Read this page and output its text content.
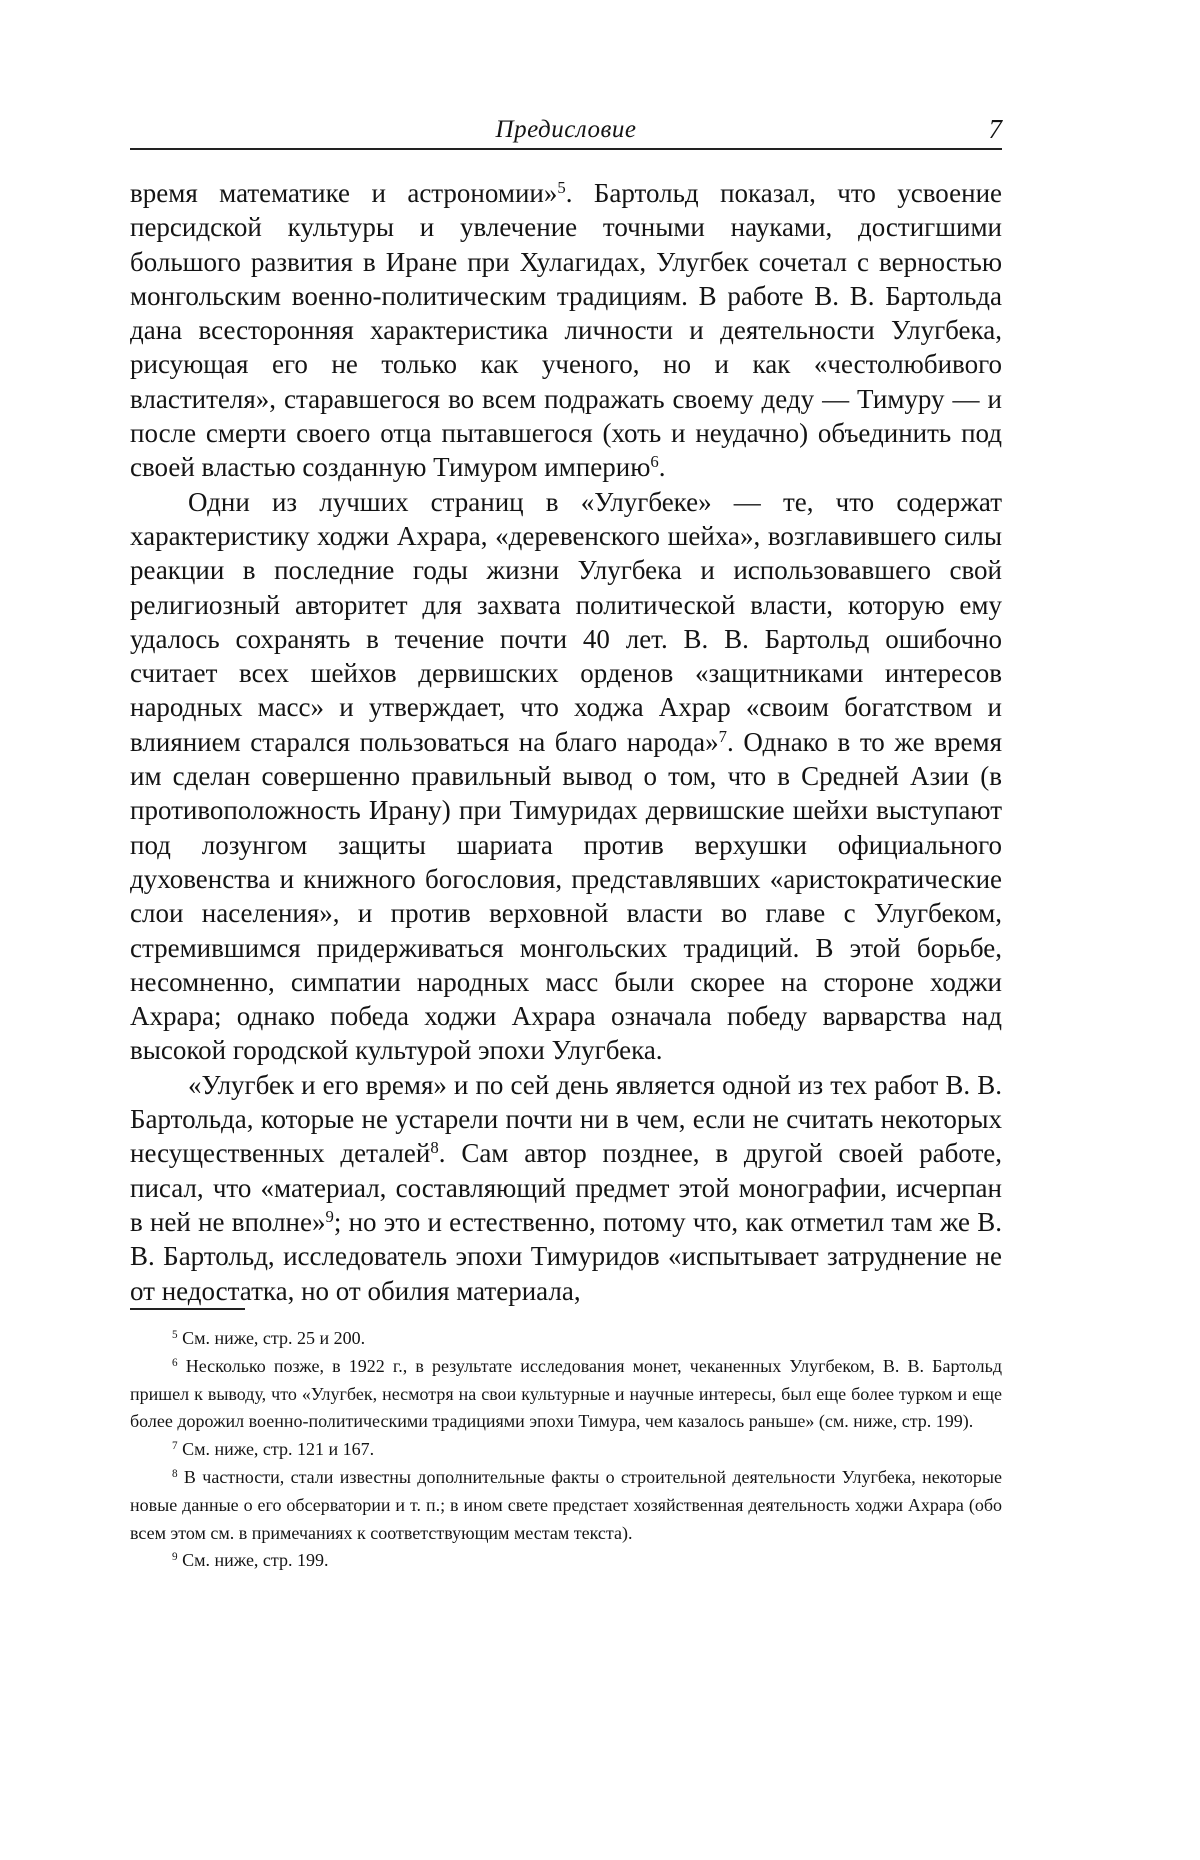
Предисловие	7

время математике и астрономии»$^5$. Бартольд показал, что усвоение персидской культуры и увлечение точными науками, достигшими большого развития в Иране при Хулагидах, Улугбек сочетал с верностью монгольским военно-политическим традициям. В работе В. В. Бартольда дана всесторонняя характеристика личности и деятельности Улугбека, рисующая его не только как ученого, но и как «честолюбивого властителя», старавшегося во всем подражать своему деду — Тимуру — и после смерти своего отца пытавшегося (хоть и неудачно) объединить под своей властью созданную Тимуром империю$^6$.

Одни из лучших страниц в «Улугбеке» — те, что содержат характеристику ходжи Ахрара, «деревенского шейха», возглавившего силы реакции в последние годы жизни Улугбека и использовавшего свой религиозный авторитет для захвата политической власти, которую ему удалось сохранять в течение почти 40 лет. В. В. Бартольд ошибочно считает всех шейхов дервишских орденов «защитниками интересов народных масс» и утверждает, что ходжа Ахрар «своим богатством и влиянием старался пользоваться на благо народа»$^7$. Однако в то же время им сделан совершенно правильный вывод о том, что в Средней Азии (в противоположность Ирану) при Тимуридах дервишские шейхи выступают под лозунгом защиты шариата против верхушки официального духовенства и книжного богословия, представлявших «аристократические слои населения», и против верховной власти во главе с Улугбеком, стремившимся придерживаться монгольских традиций. В этой борьбе, несомненно, симпатии народных масс были скорее на стороне ходжи Ахрара; однако победа ходжи Ахрара означала победу варварства над высокой городской культурой эпохи Улугбека.

«Улугбек и его время» и по сей день является одной из тех работ В. В. Бартольда, которые не устарели почти ни в чем, если не считать некоторых несущественных деталей$^8$. Сам автор позднее, в другой своей работе, писал, что «материал, составляющий предмет этой монографии, исчерпан в ней не вполне»$^9$; но это и естественно, потому что, как отметил там же В. В. Бартольд, исследователь эпохи Тимуридов «испытывает затруднение не от недостатка, но от обилия материала,

$^5$ См. ниже, стр. 25 и 200.

$^6$ Несколько позже, в 1922 г., в результате исследования монет, чеканенных Улугбеком, В. В. Бартольд пришел к выводу, что «Улугбек, несмотря на свои культурные и научные интересы, был еще более турком и еще более дорожил военно-политическими традициями эпохи Тимура, чем казалось раньше» (см. ниже, стр. 199).

$^7$ См. ниже, стр. 121 и 167.

$^8$ В частности, стали известны дополнительные факты о строительной деятельности Улугбека, некоторые новые данные о его обсерватории и т. п.; в ином свете предстает хозяйственная деятельность ходжи Ахрара (обо всем этом см. в примечаниях к соответствующим местам текста).

$^9$ См. ниже, стр. 199.
